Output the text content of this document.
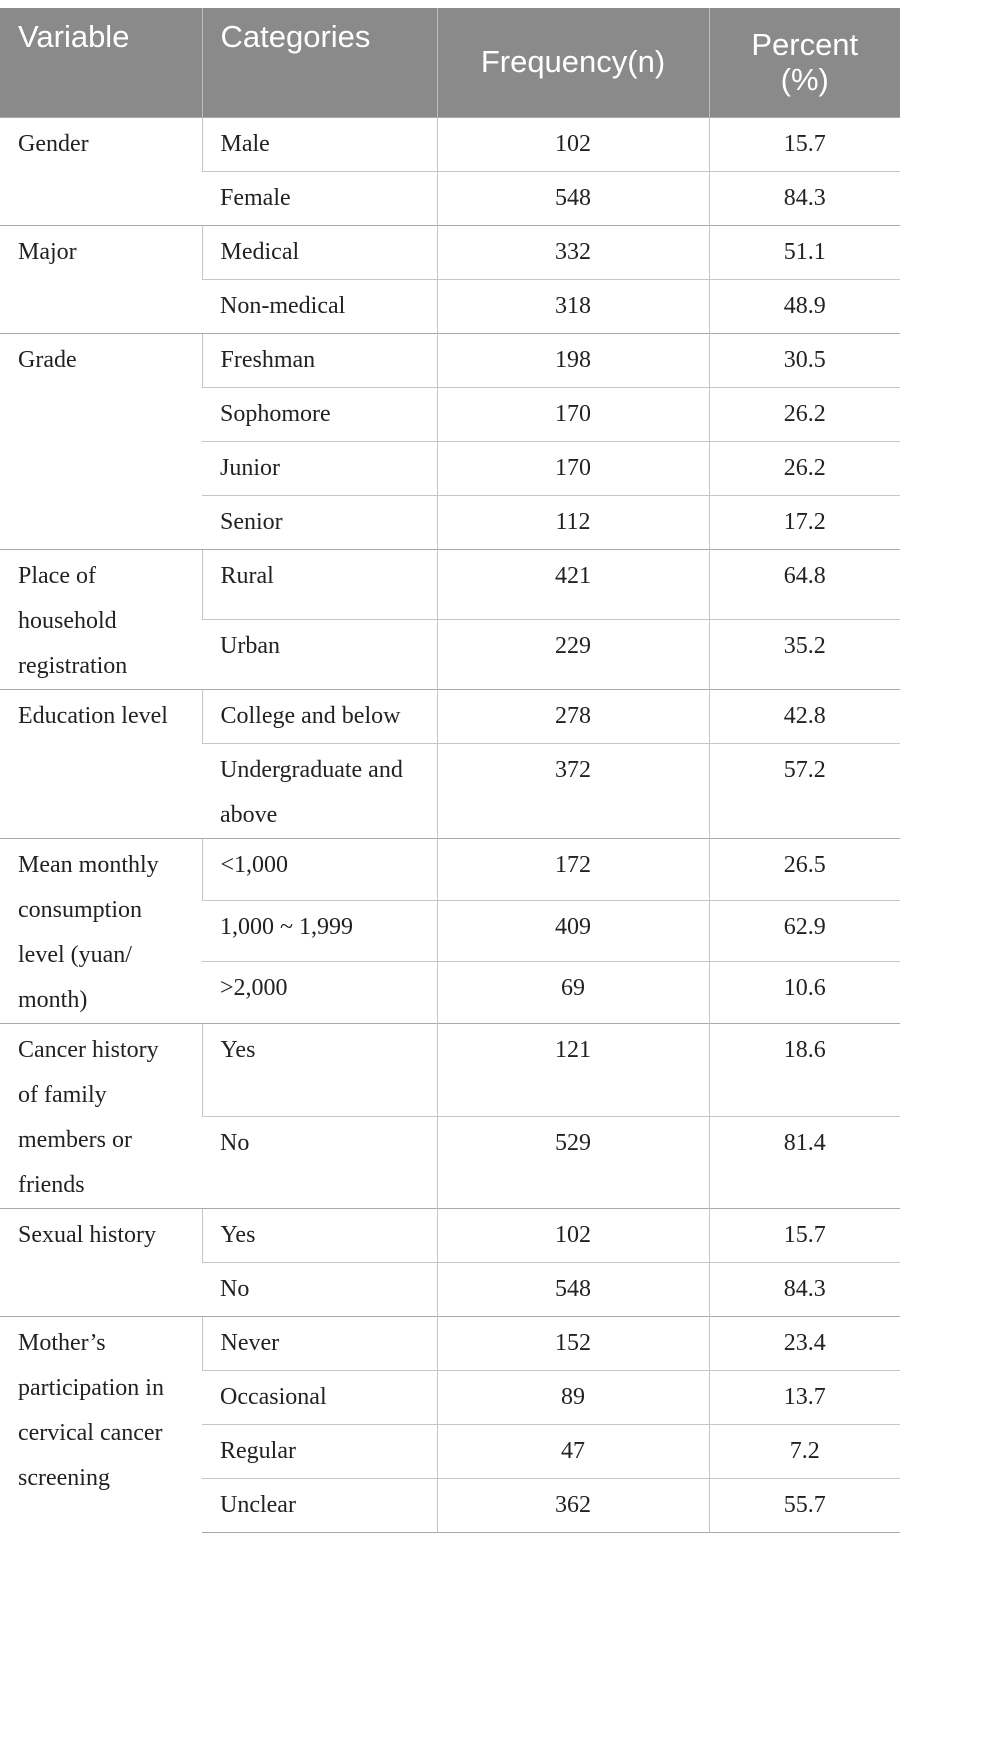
Variable	Categories	Frequency(n)	Percent (%)
Gender	Male	102	15.7
	Female	548	84.3
Major	Medical	332	51.1
	Non-medical	318	48.9
Grade	Freshman	198	30.5
	Sophomore	170	26.2
	Junior	170	26.2
	Senior	112	17.2
Place of household registration	Rural	421	64.8
	Urban	229	35.2
Education level	College and below	278	42.8
	Undergraduate and above	372	57.2
Mean monthly consumption level (yuan/ month)	<1,000	172	26.5
	1,000 ~ 1,999	409	62.9
	>2,000	69	10.6
Cancer history of family members or friends	Yes	121	18.6
	No	529	81.4
Sexual history	Yes	102	15.7
	No	548	84.3
Mother’s participation in cervical cancer screening	Never	152	23.4
	Occasional	89	13.7
	Regular	47	7.2
	Unclear	362	55.7
